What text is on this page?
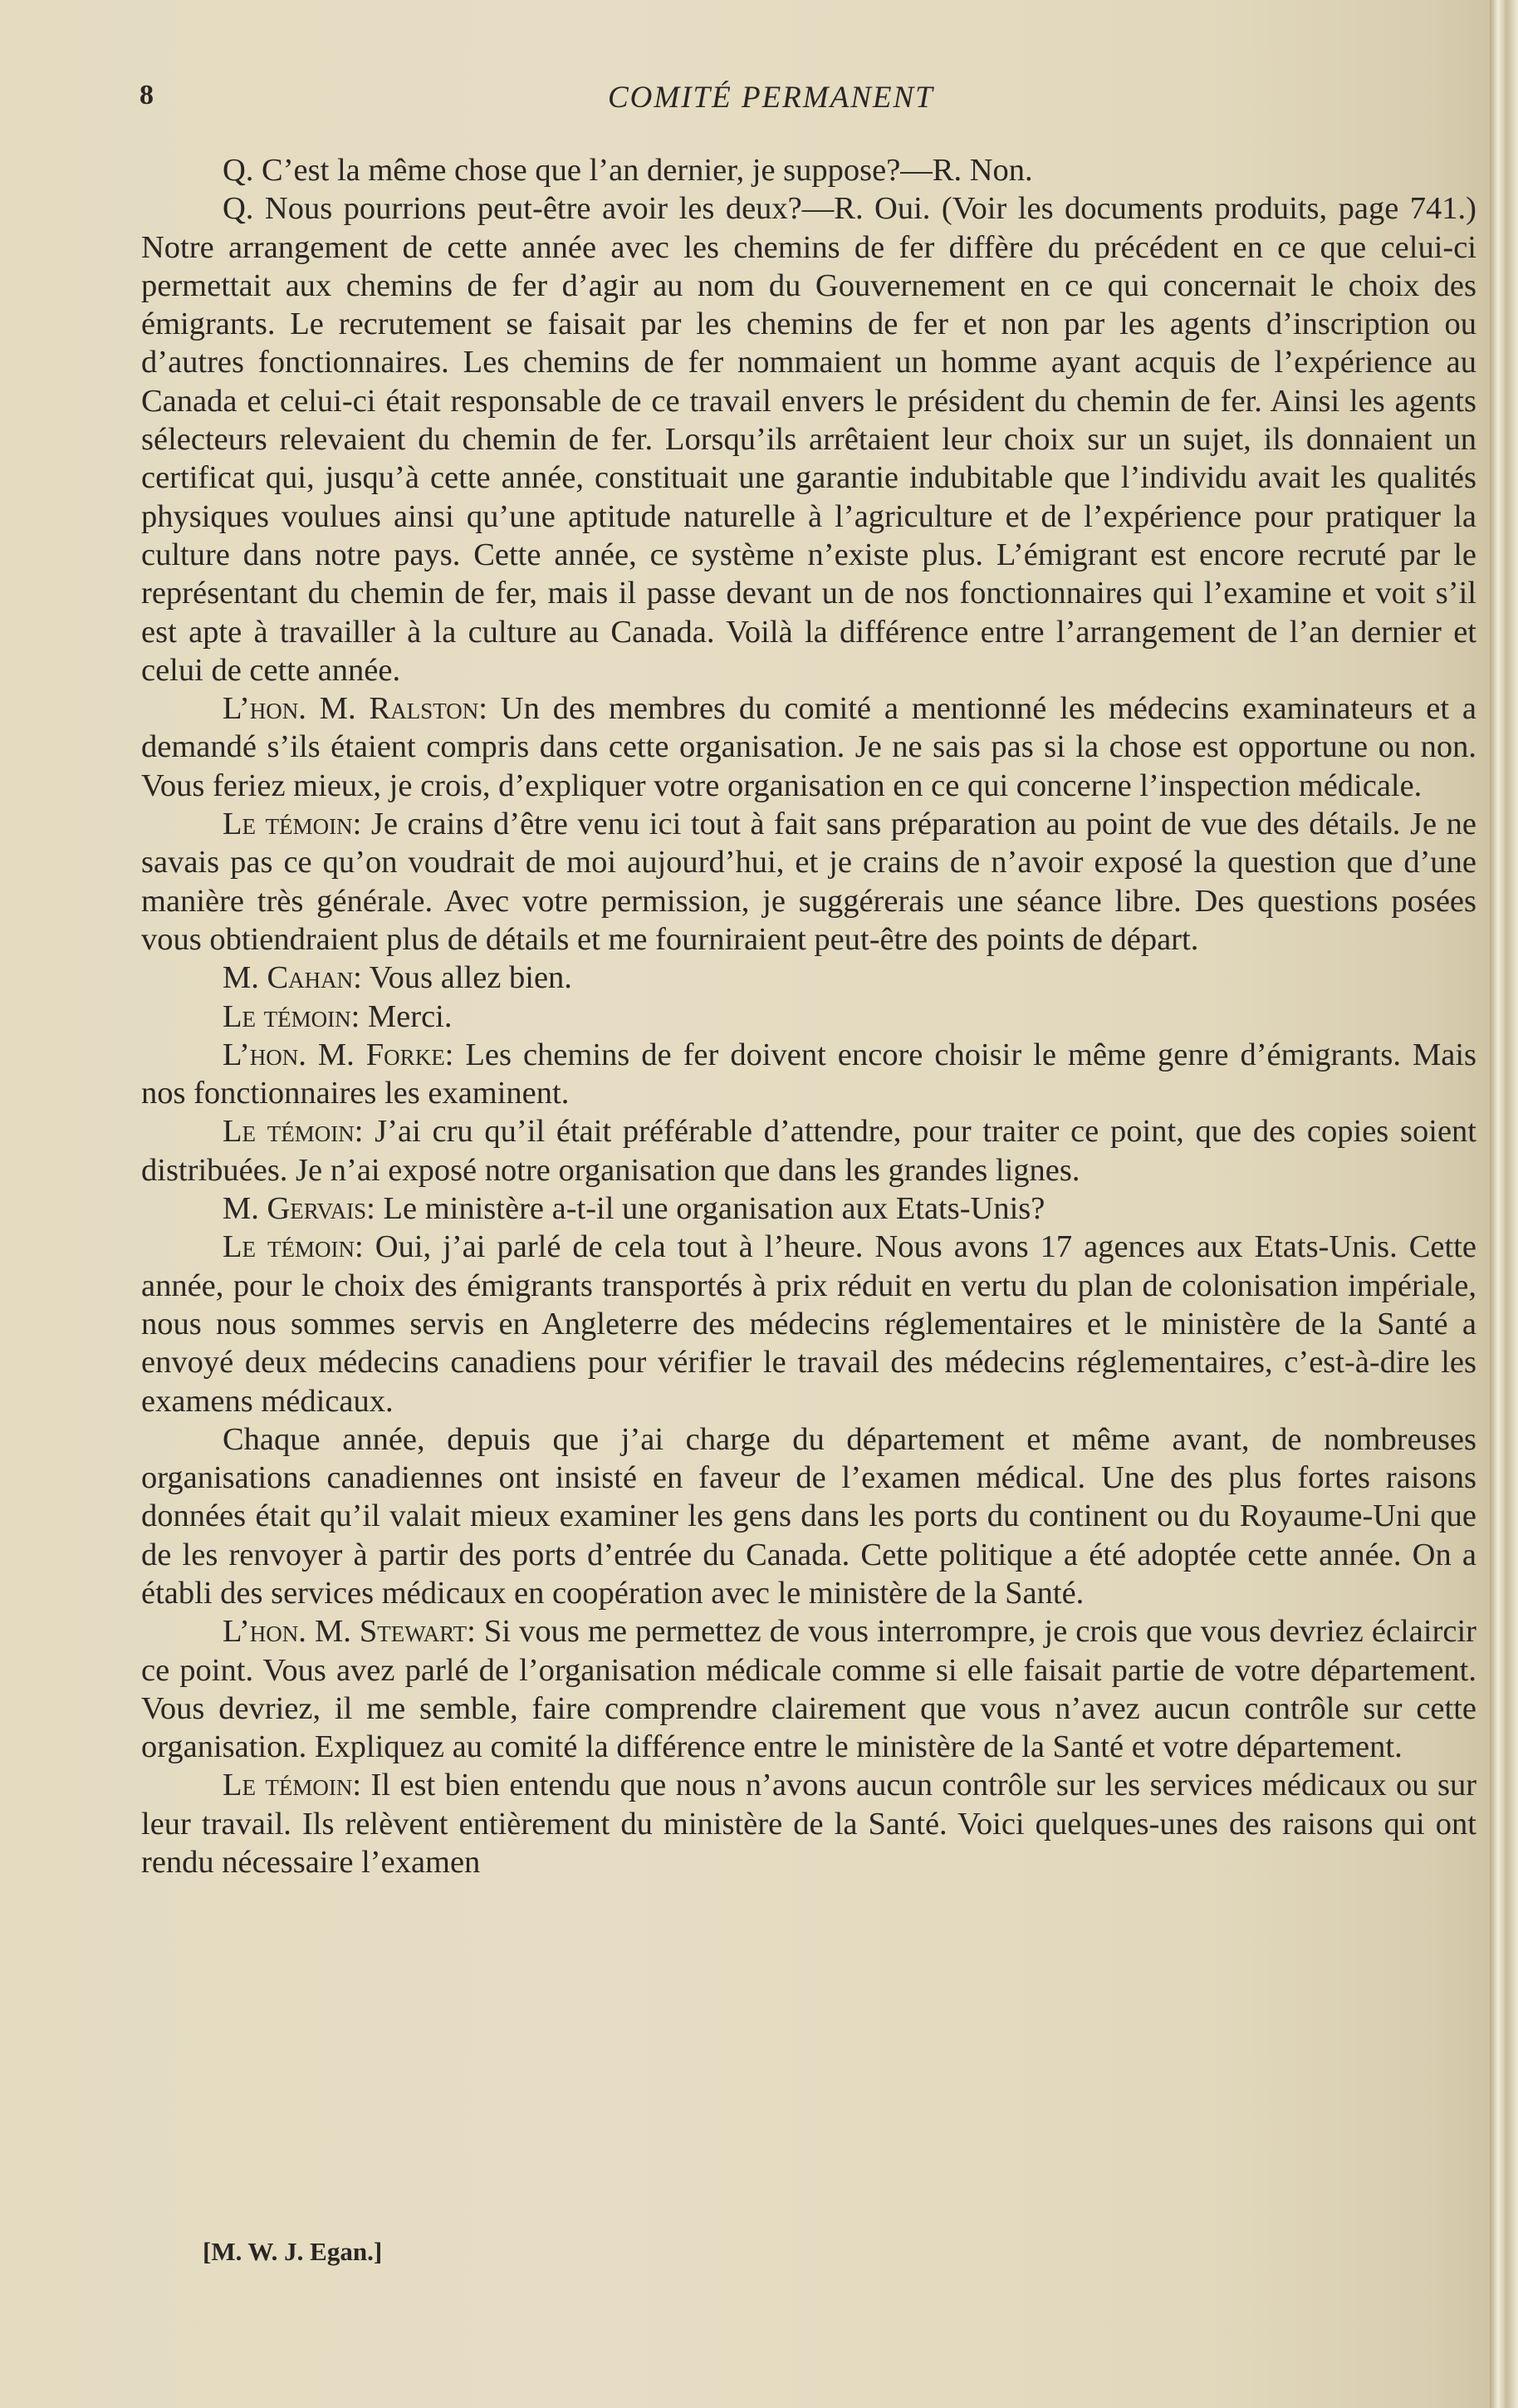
8	COMITÉ PERMANENT

Q. C’est la même chose que l’an dernier, je suppose?—R. Non.

Q. Nous pourrions peut-être avoir les deux?—R. Oui. (Voir les documents produits, page 741.) Notre arrangement de cette année avec les chemins de fer diffère du précédent en ce que celui-ci permettait aux chemins de fer d’agir au nom du Gouvernement en ce qui concernait le choix des émigrants. Le recrutement se faisait par les chemins de fer et non par les agents d’inscription ou d’autres fonctionnaires. Les chemins de fer nommaient un homme ayant acquis de l’expérience au Canada et celui-ci était responsable de ce travail envers le président du chemin de fer. Ainsi les agents sélecteurs relevaient du chemin de fer. Lorsqu’ils arrêtaient leur choix sur un sujet, ils donnaient un certificat qui, jusqu’à cette année, constituait une garantie indubitable que l’individu avait les qualités physiques voulues ainsi qu’une aptitude naturelle à l’agriculture et de l’expérience pour pratiquer la culture dans notre pays. Cette année, ce système n’existe plus. L’émigrant est encore recruté par le représentant du chemin de fer, mais il passe devant un de nos fonctionnaires qui l’examine et voit s’il est apte à travailler à la culture au Canada. Voilà la différence entre l’arrangement de l’an dernier et celui de cette année.

L’hon. M. Ralston: Un des membres du comité a mentionné les médecins examinateurs et a demandé s’ils étaient compris dans cette organisation. Je ne sais pas si la chose est opportune ou non. Vous feriez mieux, je crois, d’expliquer votre organisation en ce qui concerne l’inspection médicale.

Le témoin: Je crains d’être venu ici tout à fait sans préparation au point de vue des détails. Je ne savais pas ce qu’on voudrait de moi aujourd’hui, et je crains de n’avoir exposé la question que d’une manière très générale. Avec votre permission, je suggérerais une séance libre. Des questions posées vous obtiendraient plus de détails et me fourniraient peut-être des points de départ.

M. Cahan: Vous allez bien.

Le témoin: Merci.

L’hon. M. Forke: Les chemins de fer doivent encore choisir le même genre d’émigrants. Mais nos fonctionnaires les examinent.

Le témoin: J’ai cru qu’il était préférable d’attendre, pour traiter ce point, que des copies soient distribuées. Je n’ai exposé notre organisation que dans les grandes lignes.

M. Gervais: Le ministère a-t-il une organisation aux Etats-Unis?

Le témoin: Oui, j’ai parlé de cela tout à l’heure. Nous avons 17 agences aux Etats-Unis. Cette année, pour le choix des émigrants transportés à prix réduit en vertu du plan de colonisation impériale, nous nous sommes servis en Angleterre des médecins réglementaires et le ministère de la Santé a envoyé deux médecins canadiens pour vérifier le travail des médecins réglementaires, c’est-à-dire les examens médicaux.

Chaque année, depuis que j’ai charge du département et même avant, de nombreuses organisations canadiennes ont insisté en faveur de l’examen médical. Une des plus fortes raisons données était qu’il valait mieux examiner les gens dans les ports du continent ou du Royaume-Uni que de les renvoyer à partir des ports d’entrée du Canada. Cette politique a été adoptée cette année. On a établi des services médicaux en coopération avec le ministère de la Santé.

L’hon. M. Stewart: Si vous me permettez de vous interrompre, je crois que vous devriez éclaircir ce point. Vous avez parlé de l’organisation médicale comme si elle faisait partie de votre département. Vous devriez, il me semble, faire comprendre clairement que vous n’avez aucun contrôle sur cette organisation. Expliquez au comité la différence entre le ministère de la Santé et votre département.

Le témoin: Il est bien entendu que nous n’avons aucun contrôle sur les services médicaux ou sur leur travail. Ils relèvent entièrement du ministère de la Santé. Voici quelques-unes des raisons qui ont rendu nécessaire l’examen

[M. W. J. Egan.]
